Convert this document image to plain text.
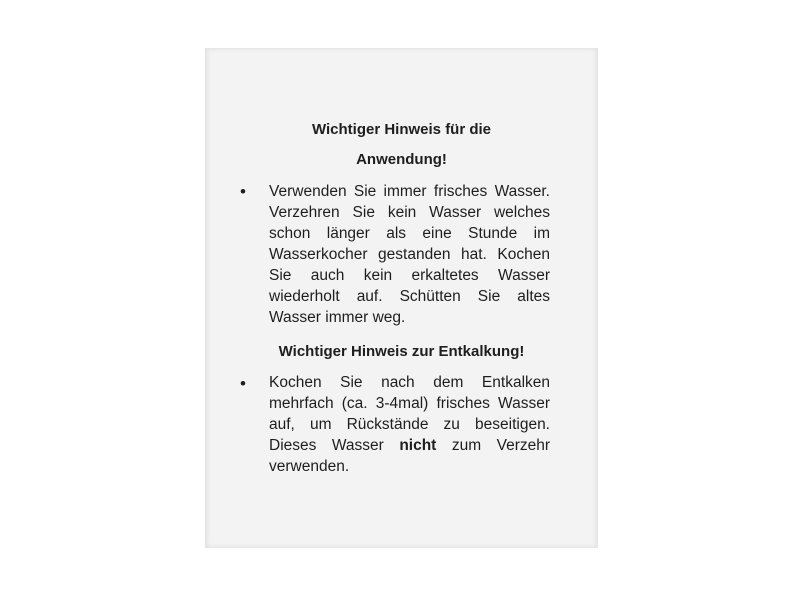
Wichtiger Hinweis für die
Anwendung!
• Verwenden Sie immer frisches Wasser. Verzehren Sie kein Wasser welches schon länger als eine Stunde im Wasserkocher gestanden hat. Kochen Sie auch kein erkaltetes Wasser wiederholt auf. Schütten Sie altes Wasser immer weg.
Wichtiger Hinweis zur Entkalkung!
• Kochen Sie nach dem Entkalken mehrfach (ca. 3-4mal) frisches Wasser auf, um Rückstände zu beseitigen. Dieses Wasser nicht zum Verzehr verwenden.
